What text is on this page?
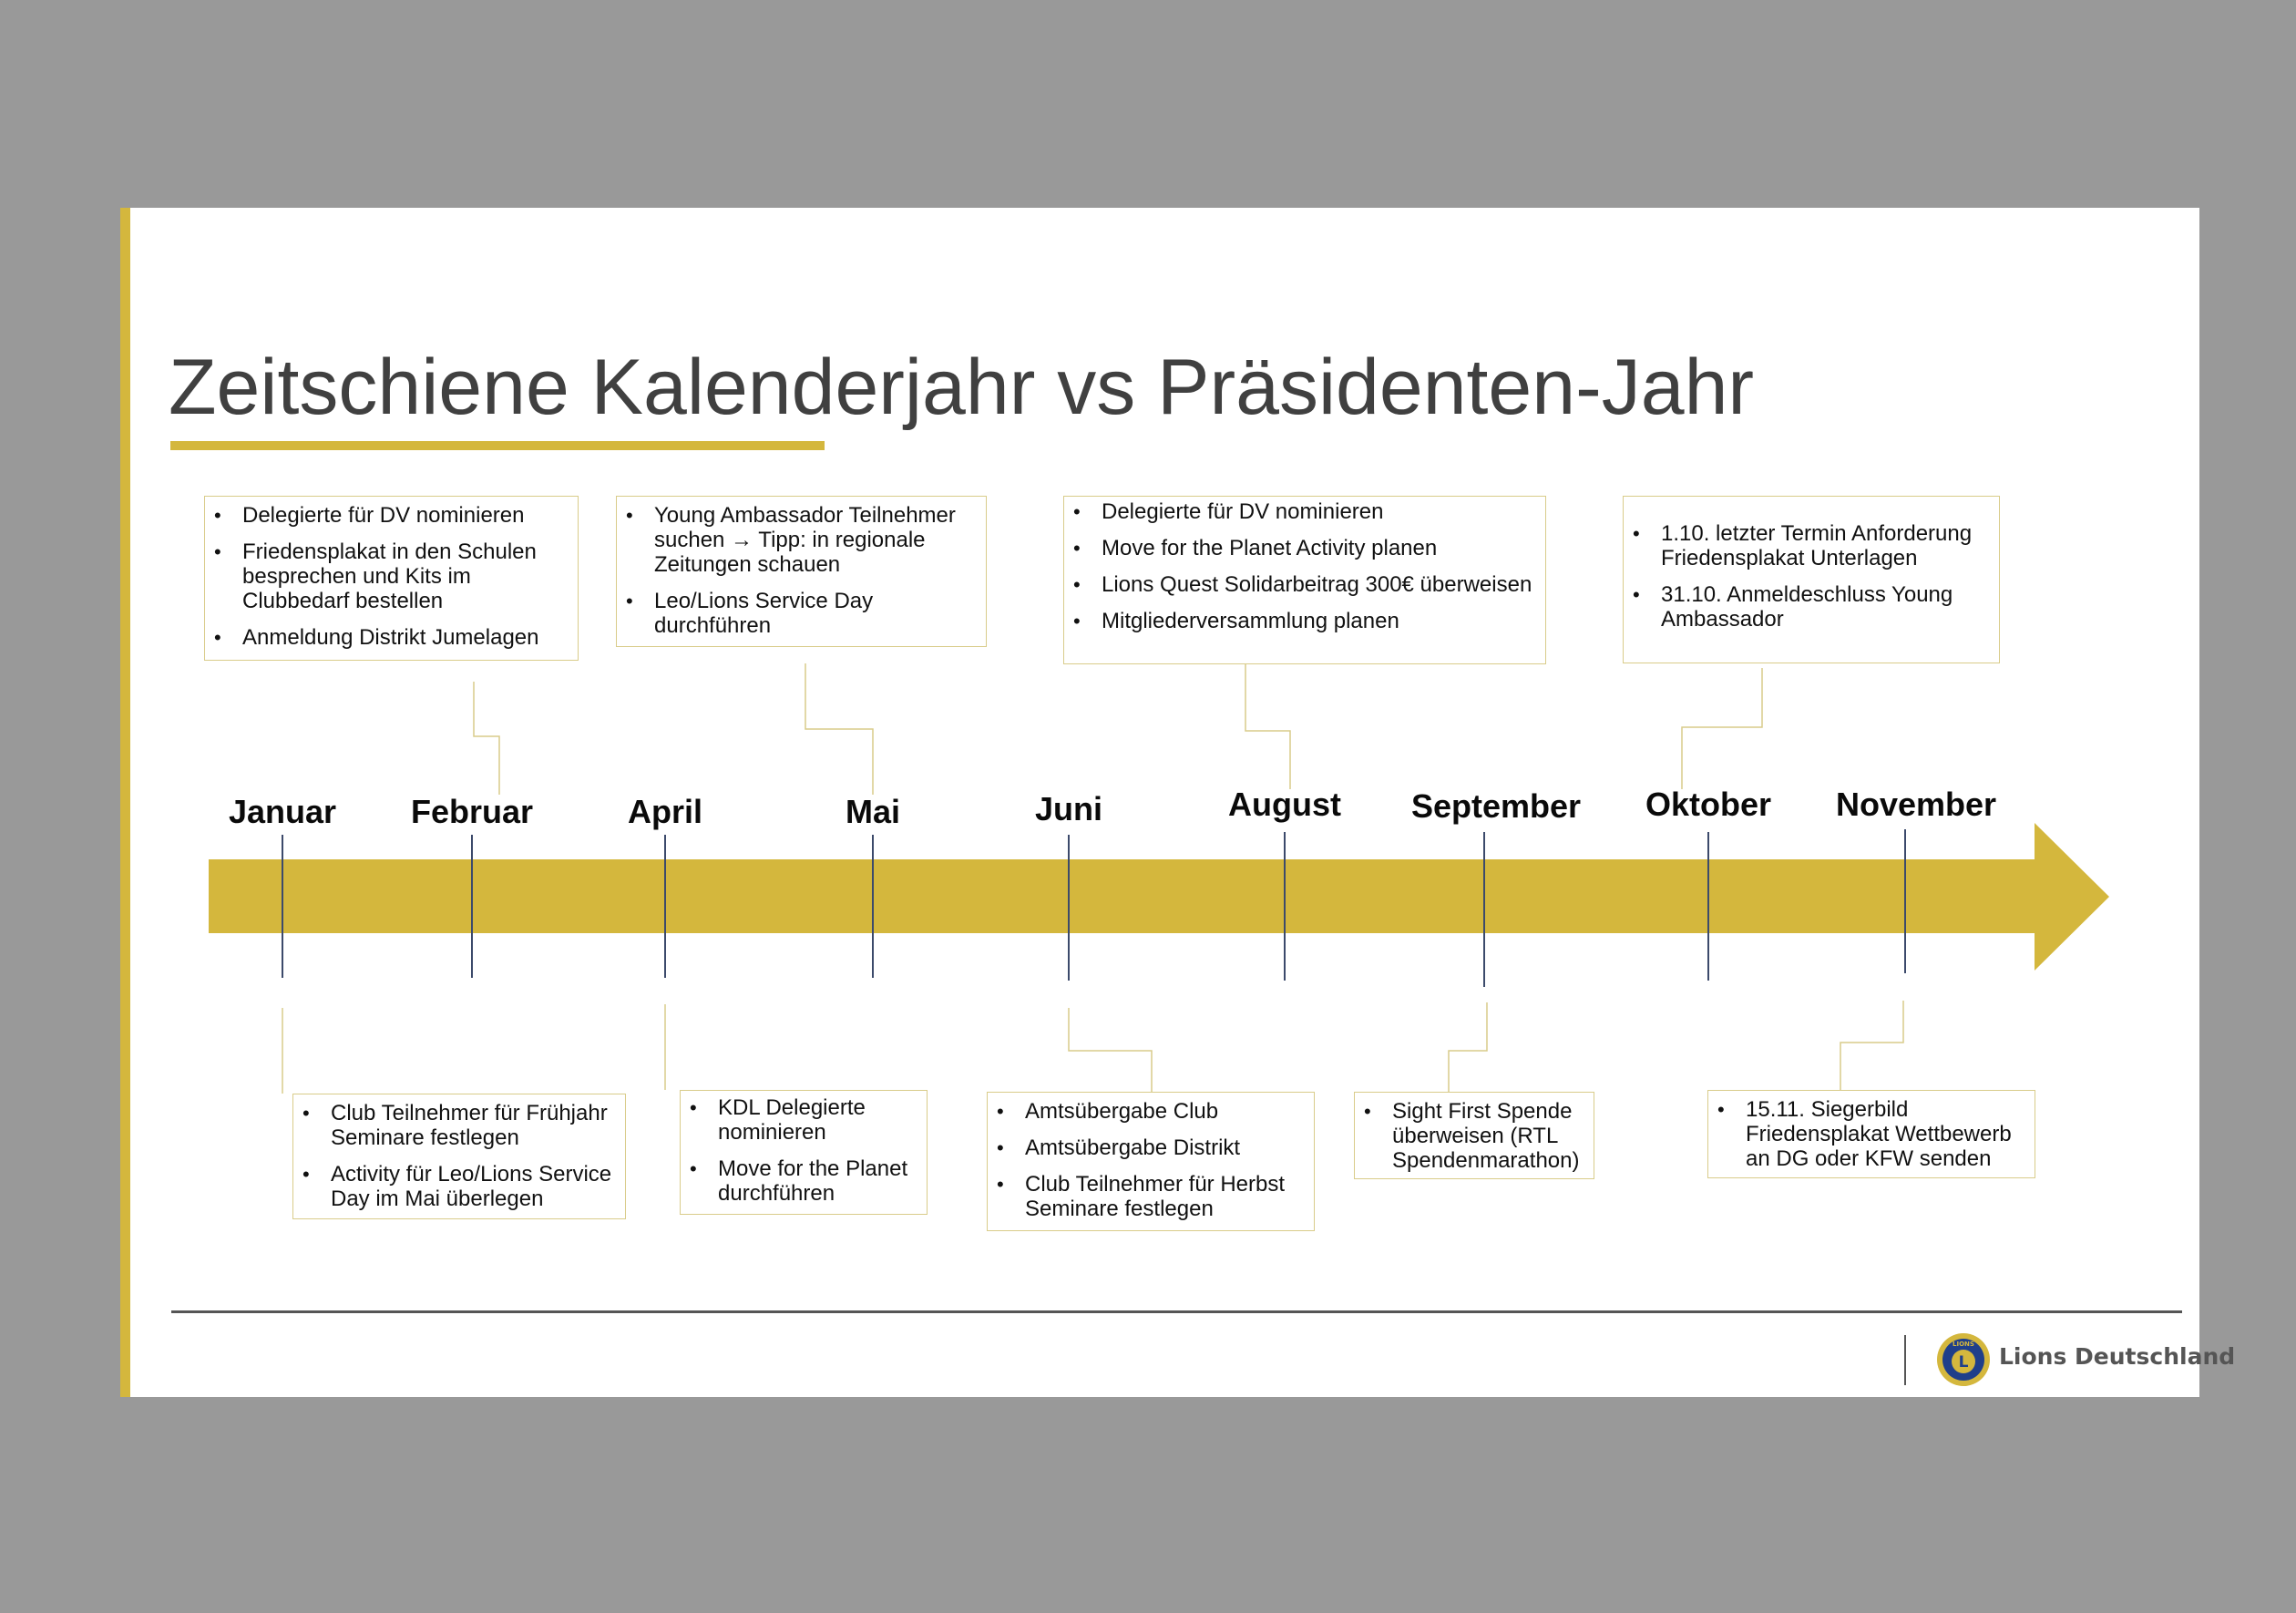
Zeitschiene Kalenderjahr vs Präsidenten-Jahr
Januar Februar	April	Mai	Juni	August September Oktober November
• Delegierte für DV nominieren
• Friedensplakat in den Schulen besprechen und Kits im Clubbedarf bestellen
• Anmeldung Distrikt Jumelagen
• Young Ambassador Teilnehmer suchen → Tipp: in regionale Zeitungen schauen
• Leo/Lions Service Day durchführen
• Delegierte für DV nominieren
• Move for the Planet Activity planen
• Lions Quest Solidarbeitrag 300€ überweisen
• Mitgliederversammlung planen
• 1.10. letzter Termin Anforderung Friedensplakat Unterlagen
• 31.10. Anmeldeschluss Young Ambassador
• Club Teilnehmer für Frühjahr Seminare festlegen
• Activity für Leo/Lions Service Day im Mai überlegen
• KDL Delegierte nominieren
• Move for the Planet durchführen
• Amtsübergabe Club
• Amtsübergabe Distrikt
• Club Teilnehmer für Herbst Seminare festlegen
• Sight First Spende überweisen (RTL Spendenmarathon)
• 15.11. Siegerbild Friedensplakat Wettbewerb an DG oder KFW senden
L
LIONS Lions Deutschland
